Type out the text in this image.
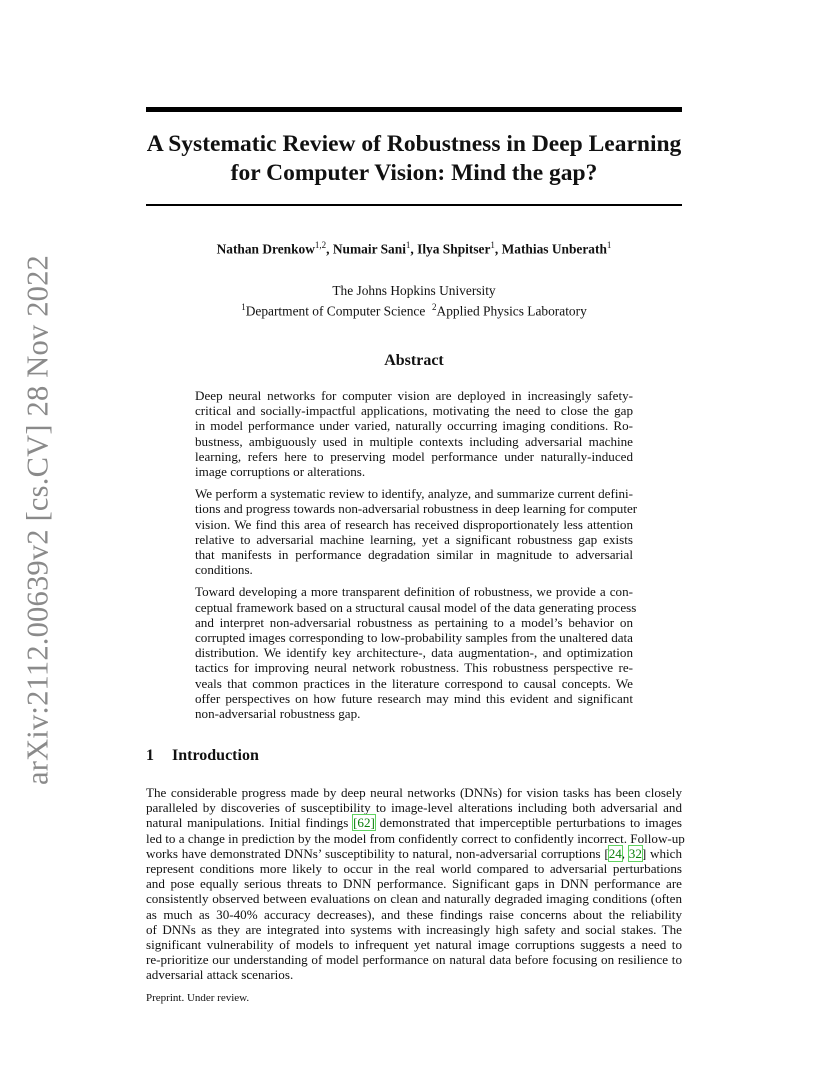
arXiv:2112.00639v2 [cs.CV] 28 Nov 2022
A Systematic Review of Robustness in Deep Learning
for Computer Vision: Mind the gap?
Nathan Drenkow$^{1,2}$, Numair Sani$^1$, Ilya Shpitser$^1$, Mathias Unberath$^1$
The Johns Hopkins University
$^1$Department of Computer Science $^2$Applied Physics Laboratory
Abstract

Deep neural networks for computer vision are deployed in increasingly safety-
critical and socially-impactful applications, motivating the need to close the gap
in model performance under varied, naturally occurring imaging conditions. Ro-
bustness, ambiguously used in multiple contexts including adversarial machine
learning, refers here to preserving model performance under naturally-induced
image corruptions or alterations.

We perform a systematic review to identify, analyze, and summarize current defini-
tions and progress towards non-adversarial robustness in deep learning for computer
vision. We find this area of research has received disproportionately less attention
relative to adversarial machine learning, yet a significant robustness gap exists
that manifests in performance degradation similar in magnitude to adversarial
conditions.

Toward developing a more transparent definition of robustness, we provide a con-
ceptual framework based on a structural causal model of the data generating process
and interpret non-adversarial robustness as pertaining to a model’s behavior on
corrupted images corresponding to low-probability samples from the unaltered data
distribution. We identify key architecture-, data augmentation-, and optimization
tactics for improving neural network robustness. This robustness perspective re-
veals that common practices in the literature correspond to causal concepts. We
offer perspectives on how future research may mind this evident and significant
non-adversarial robustness gap.

1 Introduction
The considerable progress made by deep neural networks (DNNs) for vision tasks has been closely
paralleled by discoveries of susceptibility to image-level alterations including both adversarial and
natural manipulations. Initial findings [62] demonstrated that imperceptible perturbations to images
led to a change in prediction by the model from confidently correct to confidently incorrect. Follow-up
works have demonstrated DNNs’ susceptibility to natural, non-adversarial corruptions [24, 32] which
represent conditions more likely to occur in the real world compared to adversarial perturbations
and pose equally serious threats to DNN performance. Significant gaps in DNN performance are
consistently observed between evaluations on clean and naturally degraded imaging conditions (often
as much as 30-40% accuracy decreases), and these findings raise concerns about the reliability
of DNNs as they are integrated into systems with increasingly high safety and social stakes. The
significant vulnerability of models to infrequent yet natural image corruptions suggests a need to
re-prioritize our understanding of model performance on natural data before focusing on resilience to
adversarial attack scenarios.
Preprint. Under review.
